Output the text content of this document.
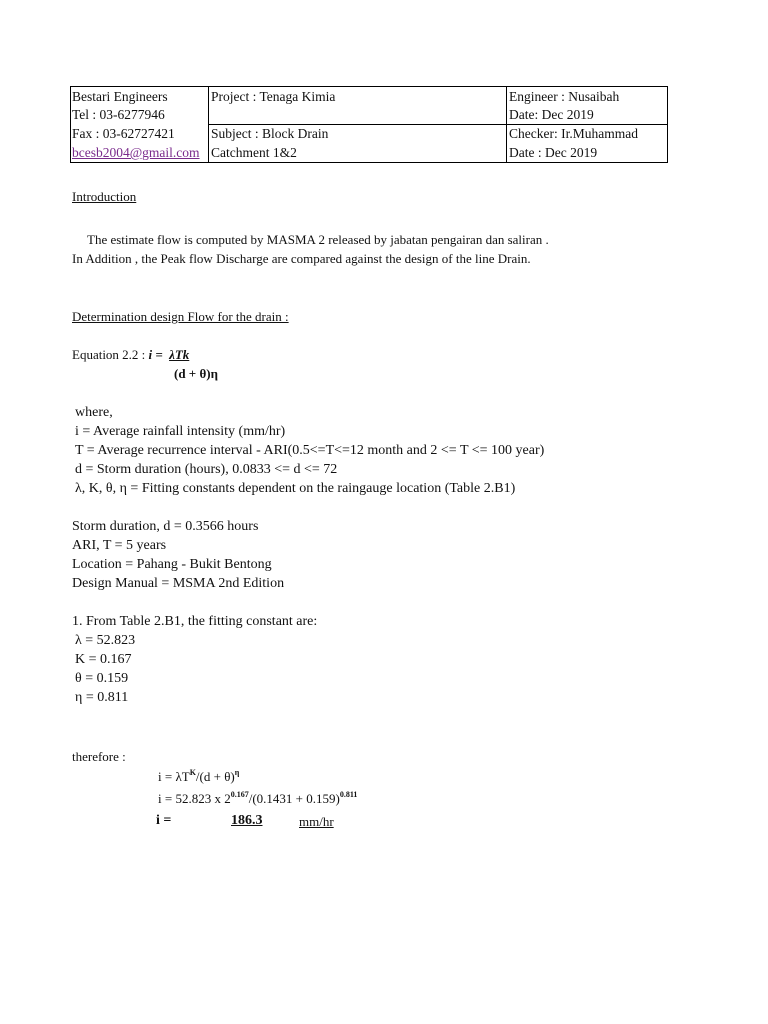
Bestari Engineers
Tel : 03-6277946
Fax : 03-62727421
bcesb2004@gmail.com
Project : Tenaga Kimia
Subject : Block Drain
Catchment 1&2
Engineer : Nusaibah
Date: Dec 2019
Checker: Ir.Muhammad
Date : Dec 2019
Introduction
The estimate flow is computed by MASMA 2 released by jabatan pengairan dan saliran .
In Addition , the Peak flow Discharge are compared against the design of the line Drain.
Determination design Flow for the drain :
Equation 2.2 : i = λTk
(d + θ)η
where,
i = Average rainfall intensity (mm/hr)
T = Average recurrence interval - ARI(0.5<=T<=12 month and 2 <= T <= 100 year)
d = Storm duration (hours), 0.0833 <= d <= 72
λ, K, θ, η = Fitting constants dependent on the raingauge location (Table 2.B1)
Storm duration, d = 0.3566 hours
ARI, T = 5 years
Location = Pahang - Bukit Bentong
Design Manual = MSMA 2nd Edition
1. From Table 2.B1, the fitting constant are:
λ = 52.823
K = 0.167
θ = 0.159
η = 0.811
therefore :
$i = \lambda T^K/(d + \theta)^\eta$
i = 52.823 x $2^{0.167}/(0.1431 + 0.159)^{0.811}$
i =	186.3	mm/hr
